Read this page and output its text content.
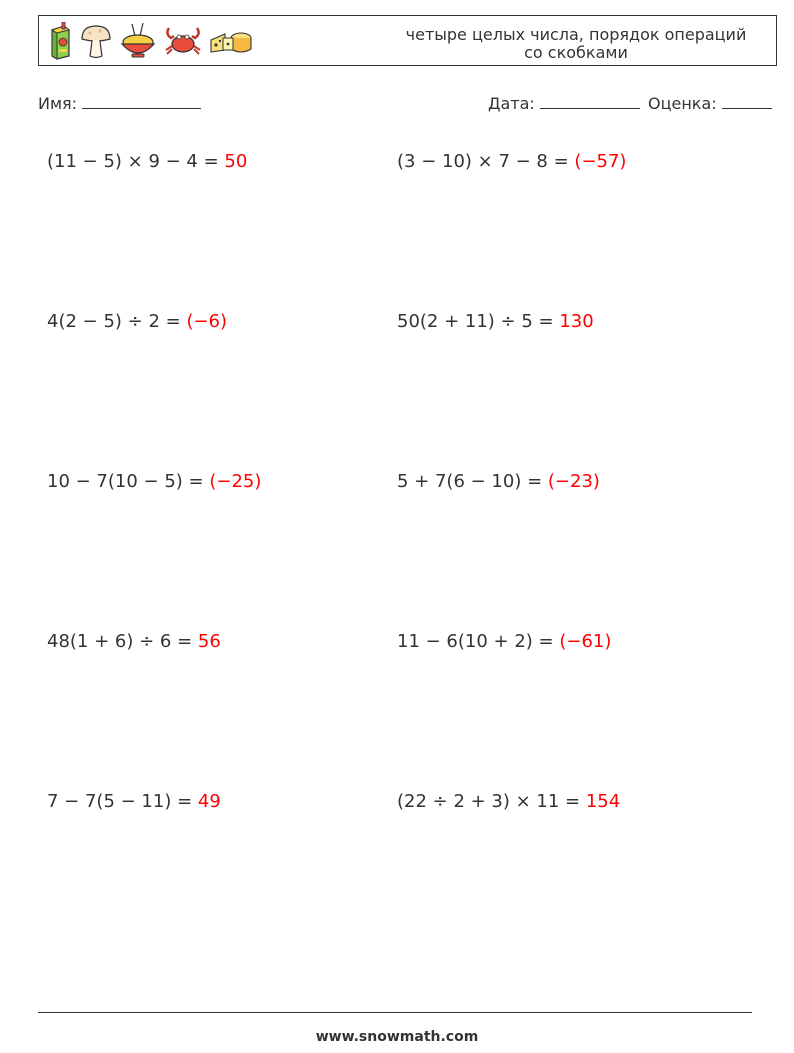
четыре целых числа, порядок операций
со скобками
Имя:	Дата:	Оценка:
(11 − 5) × 9 − 4 = 50	(3 − 10) × 7 − 8 = (−57)
4(2 − 5) ÷ 2 = (−6)	50(2 + 11) ÷ 5 = 130
10 − 7(10 − 5) = (−25)	5 + 7(6 − 10) = (−23)
48(1 + 6) ÷ 6 = 56	11 − 6(10 + 2) = (−61)
7 − 7(5 − 11) = 49	(22 ÷ 2 + 3) × 11 = 154
www.snowmath.com
